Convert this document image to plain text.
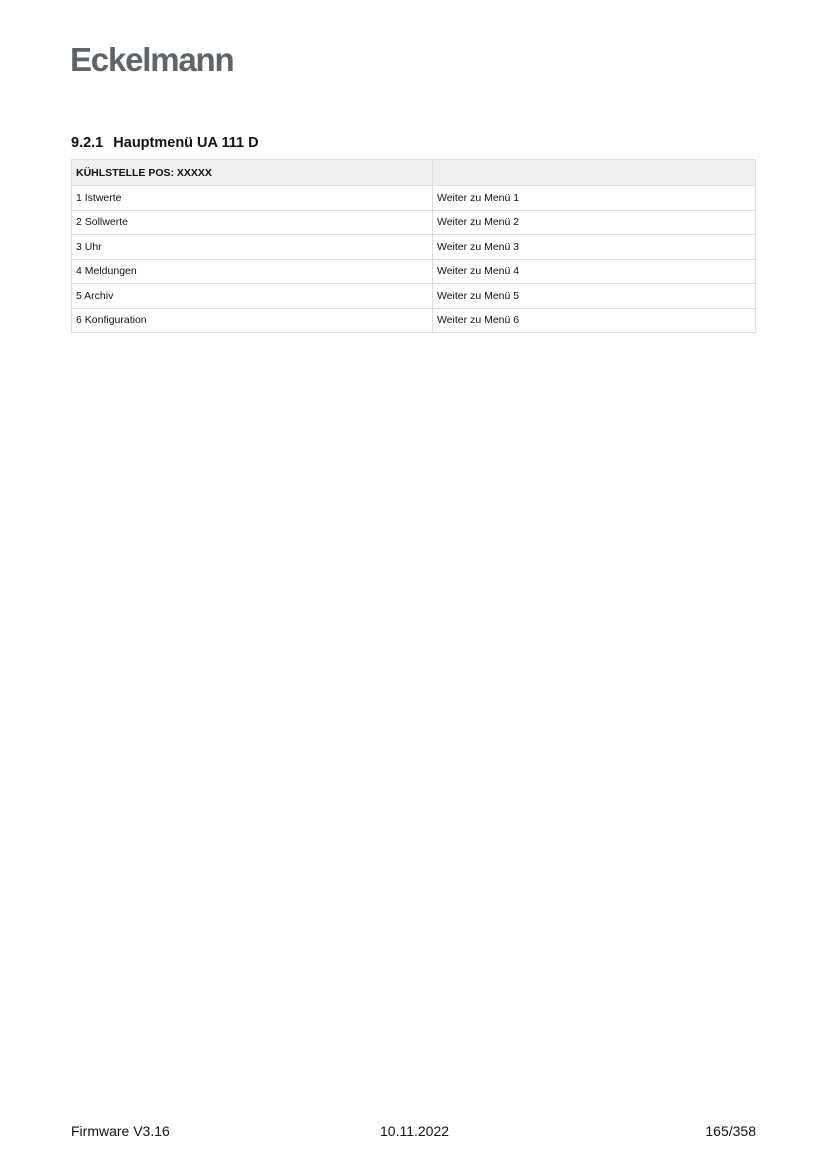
Eckelmann
9.2.1 Hauptmenü UA 111 D
KÜHLSTELLE POS: XXXXX	
1 Istwerte	Weiter zu Menü 1
2 Sollwerte	Weiter zu Menü 2
3 Uhr	Weiter zu Menü 3
4 Meldungen	Weiter zu Menü 4
5 Archiv	Weiter zu Menü 5
6 Konfiguration	Weiter zu Menü 6
Firmware V3.16	10.11.2022	165/358
